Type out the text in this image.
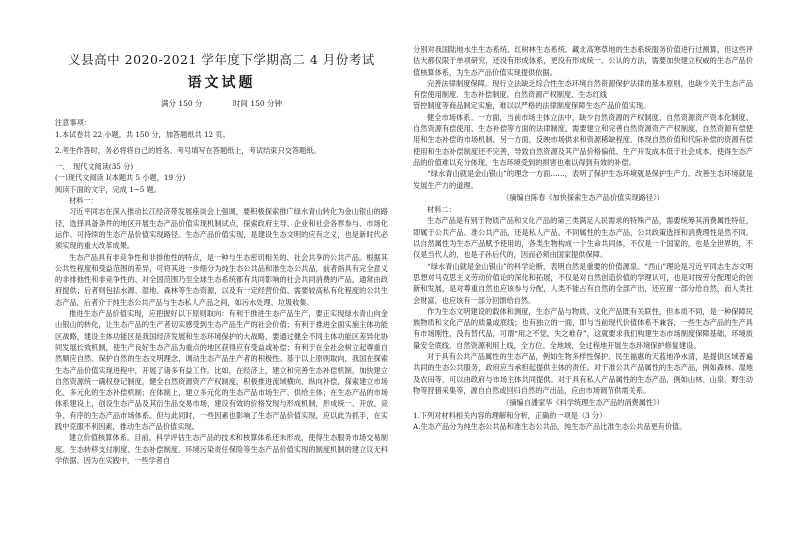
义县高中 2020-2021 学年度下学期高二 4 月份考试

语文试题

满分 150 分	时间 150 分钟

注意事项：

1.本试卷共 22 小题，共 150 分，加答题纸共 12 页。

2.考生作答时，务必将将自己的姓名、考号填写在答题纸上，考试结束只交答题纸。

一、　现代文阅读(35 分)

(一)现代文阅读 I(本题共 5 小题，19 分)

阅读下面的文字，完成 1~5 题。

材料一：

习近平同志在深入推动长江经济带发展座谈会上强调，要积极探索推广绿水青山转化为金山银山的路径，选择具备条件的地区开展生态产品价值实现机制试点，探索政府主导、企业和社会各界参与、市场化运作、可持续的生态产品价值实现路径。生态产品价值实现，是建设生态文明的应有之义，也是新时代必须实现的重大改革成果。

生态产品具有非竞争性和非排他性的特点，是一种与生态密切相关的、社会共享的公共产品。根据其公共性程度和受益范围的差异，可将其进一步细分为纯生态公共品和准生态公共品，前者指具有完全意义的非排他性和非竞争性的、对全国范围乃至全球生态系统都有共同影响的社会共同消费的产品，通常由政府提供；后者则包括水源、湿地、森林等生态资源，以及有一定经营价值、需要较高私有化程度的公共生态产品，后者介于纯生态公共产品与生态私人产品之间，如污水处理、垃圾收集。

推进生态产品价值实现，应把握好以下原则取向：有利于推进生态产品生产，要正实现绿水青山向金山银山的转化，让生态产品的生产者切实感受到生态产品生产的社会价值；有利于推进全面实施主体功能区战略，建设主体功能区是我国经济发展和生态环境保护的大战略，要通过健全不同主体功能区差异化协同发展长效机制，使生产良好生态产品为重点的地区获得应有受益或补偿；有利于在全社会树立起尊重自然顺应自然、保护自然的生态文明理念，调动生态产品生产者的积极性。基于以上原则取向，我国在探索生态产品价值实现进程中，开展了诸多有益工作。比如，在经济上，建立和完善生态补偿机制，加快建立自然资源统一确权登记制度，健全自然资源资产产权制度，积极推进流域横向、纵向补偿，探索建立市场化、多元化的生态补偿机制；在体制上，建立多元化的生态产品市场生产、供给主体；在生态产品的市场体系建设上，创设生态产品及其衍生品交易市场，建设有效的价格发现与形成机制，形成统一、开放、竞争、有序的生态产品市场体系。但与此同时，一些因素也影响了生态产品价值实现，应以此为抓手，在实践中克服不利因素，推动生态产品价值实现。

建立价值核算体系。目前，科学评估生态产品的技术和核算体系还未形成，使得生态服务市场交易制度、生态转移支付制度、生态补偿制度、环境污染责任保险等生态产品价值实现的制度机制的建立议无科学依据。因为在实践中，一些学者自

分别对我国陆地水生生态系统、红树林生态系统、藏北高寒草地的生态系统服务价值进行过测算，但这些评估大都仅限于单项研究，还没有形成体系，更没有形成统一、公认的方法，需要加快建立权威的生态产品价值核算体系，为生态产品价值实现提供依据。

完善法律制度保障。现行立法缺乏综合性生态环境自然资源保护法律的基本原则，也缺少关于生态产品有偿使用制度、生态补偿制度、自然资源产权制度、生态红线

管控制度等商品制定实施，难以以严格的法律制度保障生态产品价值实现。

健全市场体系。一方面，当前市场主体立法中，缺少自然资源的产权制度、自然资源资产资本化制度、自然资源有偿使用、生态补偿等方面的法律制度，需要建立和完善自然资源资产产权制度，自然资源有偿使用和生态补偿的市场机制。另一方面，反映市场供求和资源稀缺程度、体现自然价值和代际补偿的资源有偿使用和生态补偿制度还不完善，导致自然资源及其产品价格偏低、生产开发成本低于社会成本，使得生态产品的价值难以充分体现，生态环境受到的损害也难以得到有效的补偿。

“绿水青山就是金山银山”的理念一方面……，表明了保护生态环境就是保护生产力、改善生态环境就是发展生产力的道理。

（摘编自陈春《加快探索生态产品价值实现路径》）

材料二：

生态产品是有别于物质产品和文化产品的第三类满足人民需求的特殊产品，需要统筹其消费属性特征，即属于公共产品、准公共产品，还是私人产品。不同属性的生态产品，公共政策选择和消费理性是然不同。以自然属性为生态产品赋予使用的，各类生物构成一个生命共同体，不仅是一个国家的，也是全世界的，不仅是当代人的，也是子孙后代的，因而必须由国家提供保障。

“绿水青山就是金山银山”的科学论断，表明自然是重要的价值源泉。“西山”理论是习近平同志生态文明思想对马克思主义劳动价值论的深化和拓展，不仅是对自然创造价值的学理认可，也是对按劳分配理论的创新和发展，是对尊重自然也应该参与分配，人类不能占有自然的全部产出，还应留一部分给自然，而人类社会财富，也应该有一部分回馈给自然。

作为生态文明建设的载体和测度，生态产品与物质、文化产品既有关联性，但本质不同，是一种保障民族物质和文化产品的质量或底线；也有独立的一面，即与当前现代价值体系不兼容，一些生态产品的生产具有市场刚性，没有替代品，可谓“用之不觉，失之难存”，这就要求我们构建生态市场制度保障基础，环境质量安全底线、自然资源利用上线，全方位、全地域、全过程地开展生态环境保护修复建设。

对于具有公共产品属性的生态产品，例如生物多样性保护、民生福惠的天蓝地净水清，是提供区域普遍共同的生态公共服务，政府应当承担起提供主体的责任。对于准公共产品属性的生态产品，例如森林、湿地及农田等，可以由政府与市场主体共同提供。对于具有私人产品属性的生态产品，例如山林、山泉、野生动物等狩猎采集等，源自自然或回归自然的产出品，应由市场调节供需关系。

（摘编自潘家华《科学统理生态产品的消费属性》）

1.下列对材料相关内容的理解和分析，正确的一项是（3 分）

A.生态产品分为纯生态公共品和准生态公共品，纯生态产品比准生态公共品更有价值。
